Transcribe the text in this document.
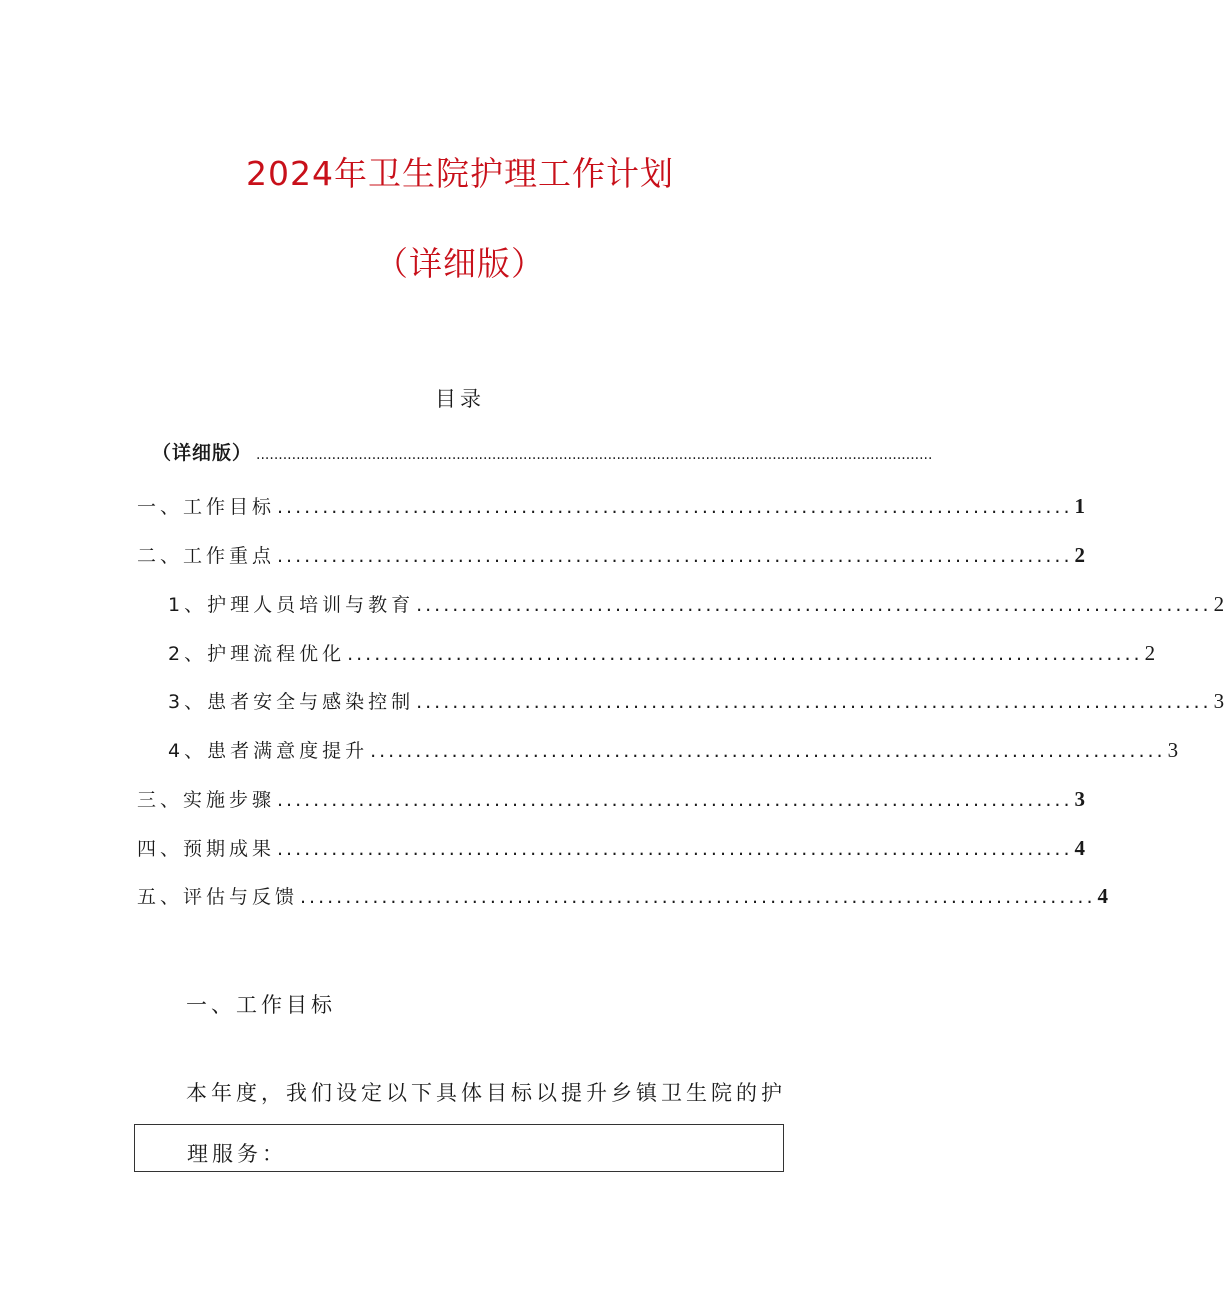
2024年卫生院护理工作计划
（详细版）
目录
（详细版） ........................................................................................................................................................
一、工作目标 ........................................................................................ 1
二、工作重点 ........................................................................................ 2
1、护理人员培训与教育 ........................................................................................ 2
2、护理流程优化 ........................................................................................ 2
3、患者安全与感染控制 ........................................................................................ 3
4、患者满意度提升 ........................................................................................ 3
三、实施步骤 ........................................................................................ 3
四、预期成果 ........................................................................................ 4
五、评估与反馈 ........................................................................................ 4
一、工作目标
本年度，我们设定以下具体目标以提升乡镇卫生院的护
理服务：
